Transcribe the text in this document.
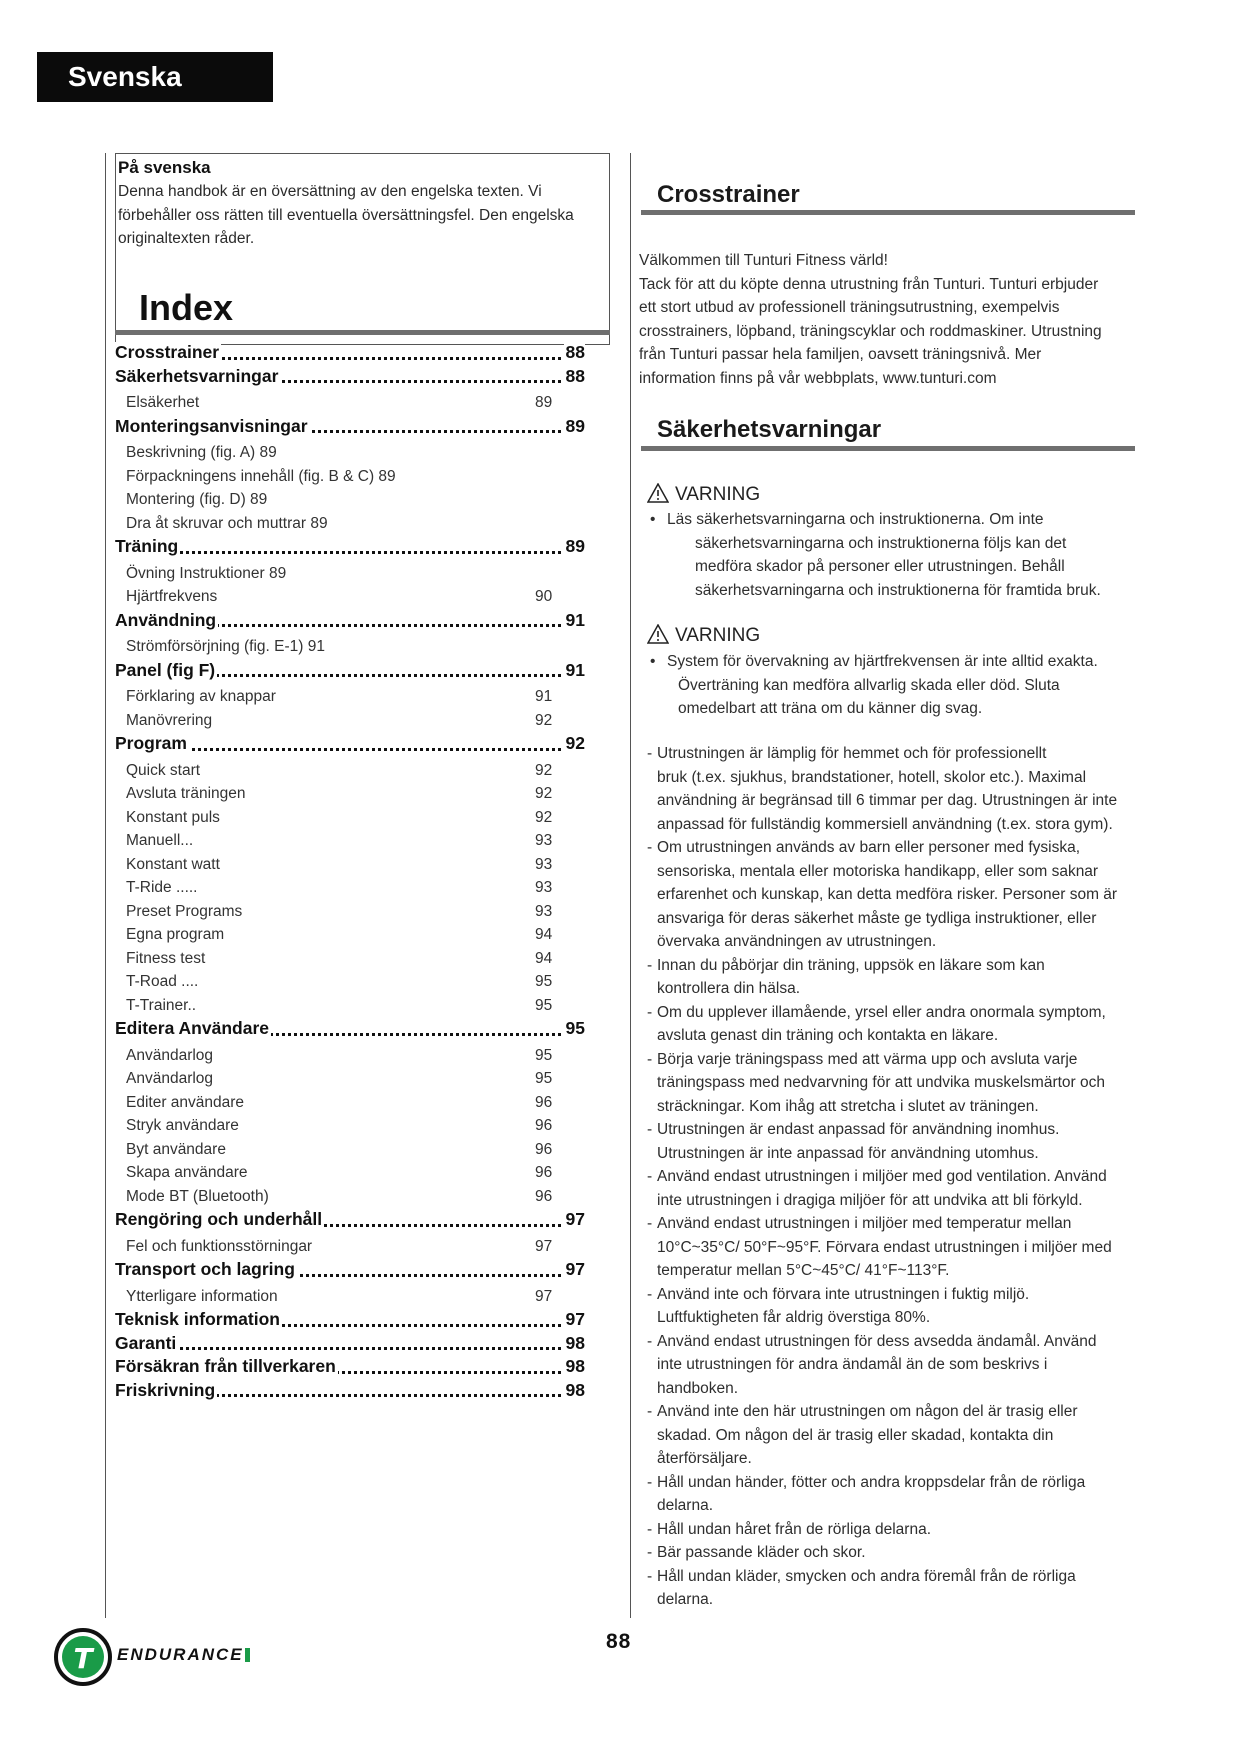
Svenska
På svenska
Denna handbok är en översättning av den engelska texten. Vi
förbehåller oss rätten till eventuella översättningsfel. Den engelska
originaltexten råder.
Index
Crosstrainer	88
Säkerhetsvarningar	88
Elsäkerhet	89
Monteringsanvisningar	89
Beskrivning (fig. A) 89
Förpackningens innehåll (fig. B & C) 89
Montering (fig. D) 89
Dra åt skruvar och muttrar 89
Träning	89
Övning Instruktioner 89
Hjärtfrekvens	90
Användning	91
Strömförsörjning (fig. E-1) 91
Panel (fig F)	91
Förklaring av knappar	91
Manövrering	92
Program	92
Quick start	92
Avsluta träningen	92
Konstant puls	92
Manuell...	93
Konstant watt	93
T-Ride .....	93
Preset Programs	93
Egna program	94
Fitness test	94
T-Road ....	95
T-Trainer..	95
Editera Användare	95
Användarlog	95
Användarlog	95
Editer användare	96
Stryk användare	96
Byt användare	96
Skapa användare	96
Mode BT (Bluetooth)	96
Rengöring och underhåll	97
Fel och funktionsstörningar	97
Transport och lagring	97
Ytterligare information	97
Teknisk information	97
Garanti	98
Försäkran från tillverkaren	98
Friskrivning	98
Crosstrainer
Välkommen till Tunturi Fitness värld!
Tack för att du köpte denna utrustning från Tunturi. Tunturi erbjuder
ett stort utbud av professionell träningsutrustning, exempelvis
crosstrainers, löpband, träningscyklar och roddmaskiner. Utrustning
från Tunturi passar hela familjen, oavsett träningsnivå. Mer
information finns på vår webbplats, www.tunturi.com
Säkerhetsvarningar
VARNING
• Läs säkerhetsvarningarna och instruktionerna. Om inte
säkerhetsvarningarna och instruktionerna följs kan det
medföra skador på personer eller utrustningen. Behåll
säkerhetsvarningarna och instruktionerna för framtida bruk.
VARNING
• System för övervakning av hjärtfrekvensen är inte alltid exakta.
Överträning kan medföra allvarlig skada eller död. Sluta
omedelbart att träna om du känner dig svag.
- Utrustningen är lämplig för hemmet och för professionellt
bruk (t.ex. sjukhus, brandstationer, hotell, skolor etc.). Maximal
användning är begränsad till 6 timmar per dag. Utrustningen är inte
anpassad för fullständig kommersiell användning (t.ex. stora gym).
- Om utrustningen används av barn eller personer med fysiska,
sensoriska, mentala eller motoriska handikapp, eller som saknar
erfarenhet och kunskap, kan detta medföra risker. Personer som är
ansvariga för deras säkerhet måste ge tydliga instruktioner, eller
övervaka användningen av utrustningen.
- Innan du påbörjar din träning, uppsök en läkare som kan
kontrollera din hälsa.
- Om du upplever illamående, yrsel eller andra onormala symptom,
avsluta genast din träning och kontakta en läkare.
- Börja varje träningspass med att värma upp och avsluta varje
träningspass med nedvarvning för att undvika muskelsmärtor och
sträckningar. Kom ihåg att stretcha i slutet av träningen.
- Utrustningen är endast anpassad för användning inomhus.
Utrustningen är inte anpassad för användning utomhus.
- Använd endast utrustningen i miljöer med god ventilation. Använd
inte utrustningen i dragiga miljöer för att undvika att bli förkyld.
- Använd endast utrustningen i miljöer med temperatur mellan
10°C~35°C/ 50°F~95°F. Förvara endast utrustningen i miljöer med
temperatur mellan 5°C~45°C/ 41°F~113°F.
- Använd inte och förvara inte utrustningen i fuktig miljö.
Luftfuktigheten får aldrig överstiga 80%.
- Använd endast utrustningen för dess avsedda ändamål. Använd
inte utrustningen för andra ändamål än de som beskrivs i
handboken.
- Använd inte den här utrustningen om någon del är trasig eller
skadad. Om någon del är trasig eller skadad, kontakta din
återförsäljare.
- Håll undan händer, fötter och andra kroppsdelar från de rörliga
delarna.
- Håll undan håret från de rörliga delarna.
- Bär passande kläder och skor.
- Håll undan kläder, smycken och andra föremål från de rörliga
delarna.
T ENDURANCE
88
